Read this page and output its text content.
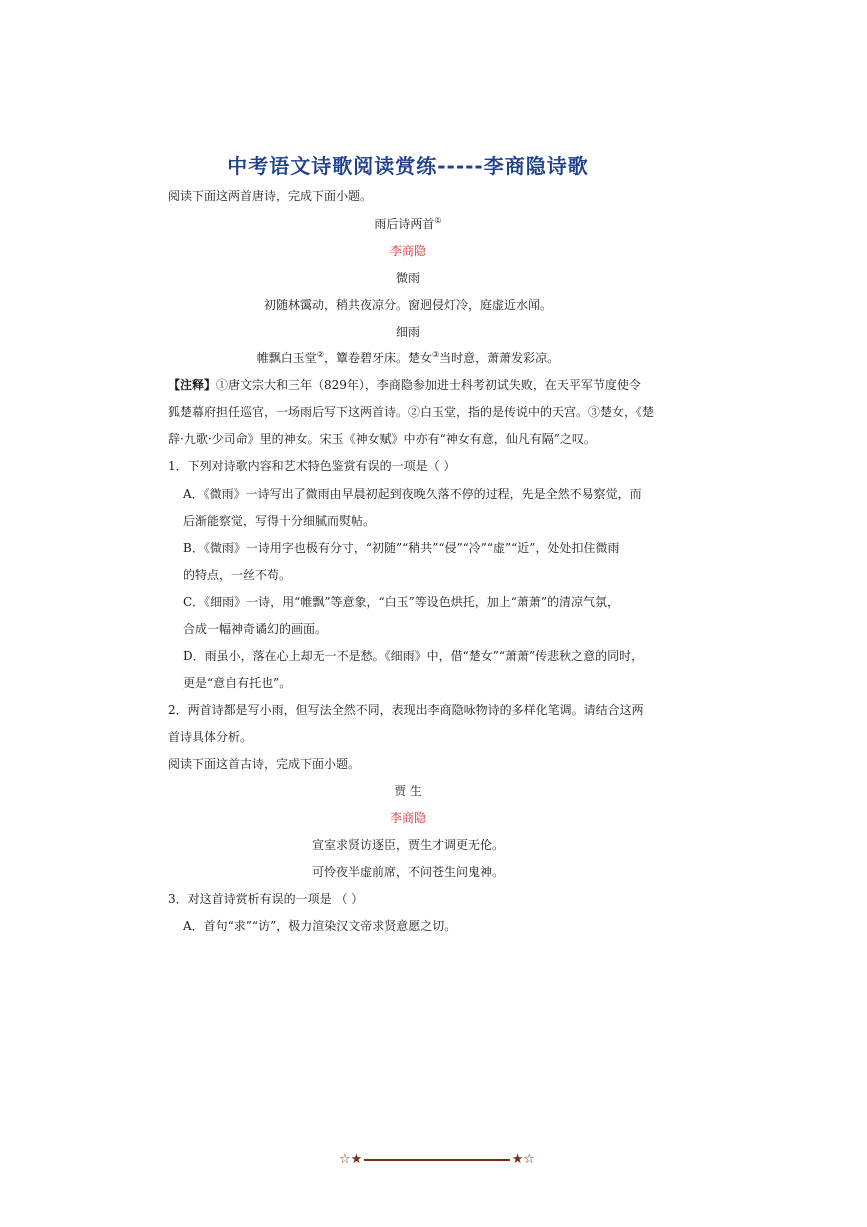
中考语文诗歌阅读赏练-----李商隐诗歌
阅读下面这两首唐诗，完成下面小题。
雨后诗两首①
李商隐
微雨
初随林霭动，稍共夜凉分。窗迥侵灯冷，庭虚近水闻。
细雨
帷飘白玉堂②，簟卷碧牙床。楚女③当时意，萧萧发彩凉。
【注释】①唐文宗大和三年（829年），李商隐参加进士科考初试失败，在天平军节度使令
狐楚幕府担任巡官，一场雨后写下这两首诗。②白玉堂，指的是传说中的天宫。③楚女，《楚
辞·九歌·少司命》里的神女。宋玉《神女赋》中亦有“神女有意，仙凡有隔”之叹。
1．下列对诗歌内容和艺术特色鉴赏有误的一项是（ ）
A．《微雨》一诗写出了微雨由早晨初起到夜晚久落不停的过程，先是全然不易察觉，而
后渐能察觉，写得十分细腻而熨帖。
B．《微雨》一诗用字也极有分寸，“初随”“稍共”“侵”“冷”“虚”“近”，处处扣住微雨
的特点，一丝不苟。
C．《细雨》一诗，用“帷飘”等意象，“白玉”等设色烘托，加上“萧萧”的清凉气氛，
合成一幅神奇谲幻的画面。
D．雨虽小，落在心上却无一不是愁。《细雨》中，借“楚女”“萧萧”传悲秋之意的同时，
更是“意自有托也”。
2．两首诗都是写小雨，但写法全然不同，表现出李商隐咏物诗的多样化笔调。请结合这两
首诗具体分析。
阅读下面这首古诗，完成下面小题。
贾 生
李商隐
宣室求贤访逐臣，贾生才调更无伦。
可怜夜半虚前席，不问苍生问鬼神。
3．对这首诗赏析有误的一项是 （ ）
A．首句“求”“访”，极力渲染汉文帝求贤意愿之切。
☆★	★☆
